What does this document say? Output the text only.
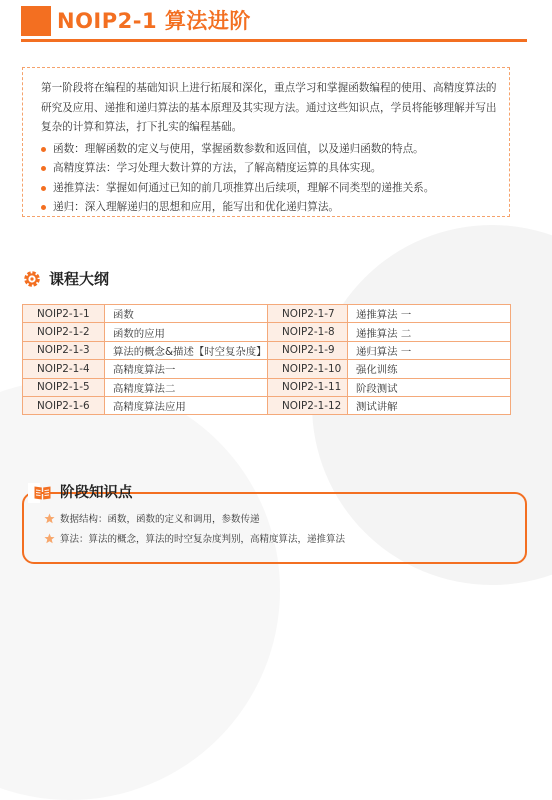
NOIP2-1 算法进阶

第一阶段将在编程的基础知识上进行拓展和深化，重点学习和掌握函数编程的使用、高精度算法的研究及应用、递推和递归算法的基本原理及其实现方法。通过这些知识点，学员将能够理解并写出复杂的计算和算法，打下扎实的编程基础。

函数：理解函数的定义与使用，掌握函数参数和返回值，以及递归函数的特点。
高精度算法：学习处理大数计算的方法，了解高精度运算的具体实现。
递推算法：掌握如何通过已知的前几项推算出后续项，理解不同类型的递推关系。
递归：深入理解递归的思想和应用，能写出和优化递归算法。
课程大纲
NOIP2-1-1	函数	NOIP2-1-7	递推算法 一
NOIP2-1-2	函数的应用	NOIP2-1-8	递推算法 二
NOIP2-1-3	算法的概念&描述【时空复杂度】	NOIP2-1-9	递归算法 一
NOIP2-1-4	高精度算法一	NOIP2-1-10	强化训练
NOIP2-1-5	高精度算法二	NOIP2-1-11	阶段测试
NOIP2-1-6	高精度算法应用	NOIP2-1-12	测试讲解
阶段知识点
数据结构：函数，函数的定义和调用，参数传递
算法：算法的概念，算法的时空复杂度判别，高精度算法，递推算法
